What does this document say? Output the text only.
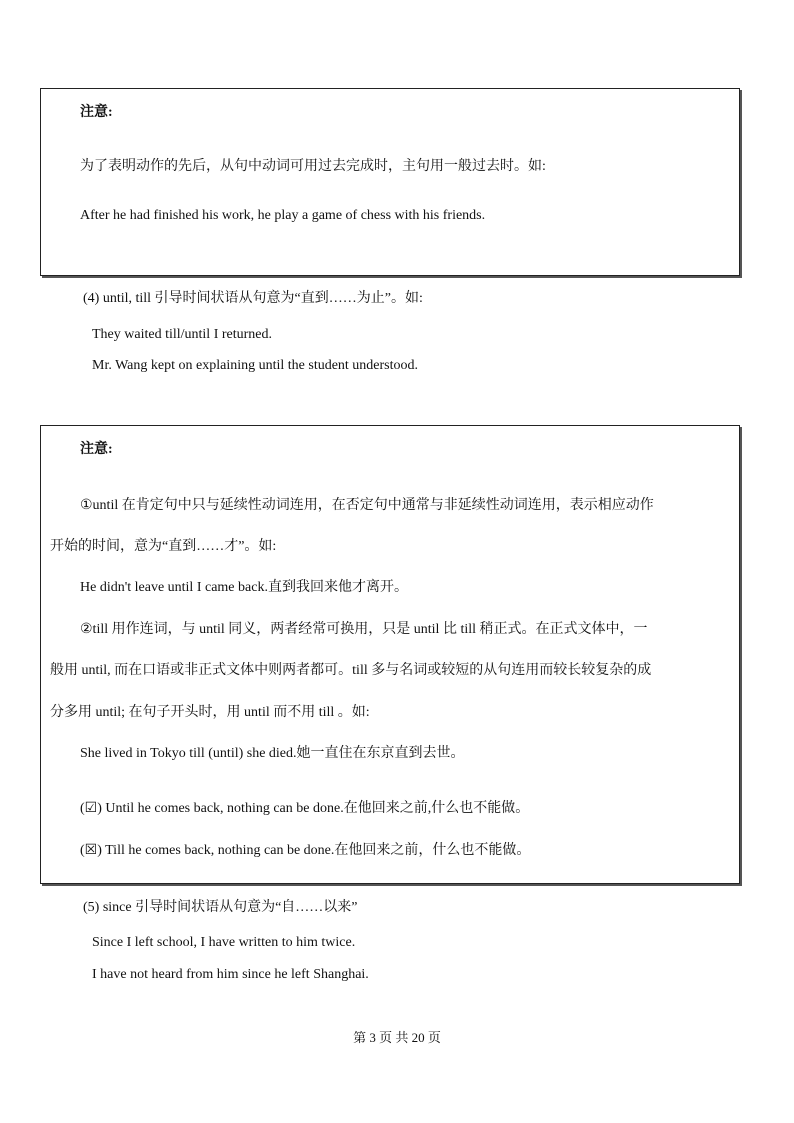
注意:
为了表明动作的先后，从句中动词可用过去完成时，主句用一般过去时。如:
After he had finished his work, he play a game of chess with his friends.
(4) until, till 引导时间状语从句意为“直到……为止”。如:
They waited till/until I returned.
Mr. Wang kept on explaining until the student understood.
注意:
①until 在肯定句中只与延续性动词连用，在否定句中通常与非延续性动词连用，表示相应动作
开始的时间，意为“直到……才”。如:
He didn't leave until I came back.直到我回来他才离开。
②till 用作连词，与 until 同义，两者经常可换用，只是 until 比 till 稍正式。在正式文体中，一
般用 until, 而在口语或非正式文体中则两者都可。till 多与名词或较短的从句连用而较长较复杂的成
分多用 until; 在句子开头时，用 until 而不用 till 。如:
She lived in Tokyo till (until) she died.她一直住在东京直到去世。
(☑) Until he comes back, nothing can be done.在他回来之前,什么也不能做。
(☒) Till he comes back, nothing can be done.在他回来之前，什么也不能做。
(5) since 引导时间状语从句意为“自……以来”
Since I left school, I have written to him twice.
I have not heard from him since he left Shanghai.
第 3 页 共 20 页
